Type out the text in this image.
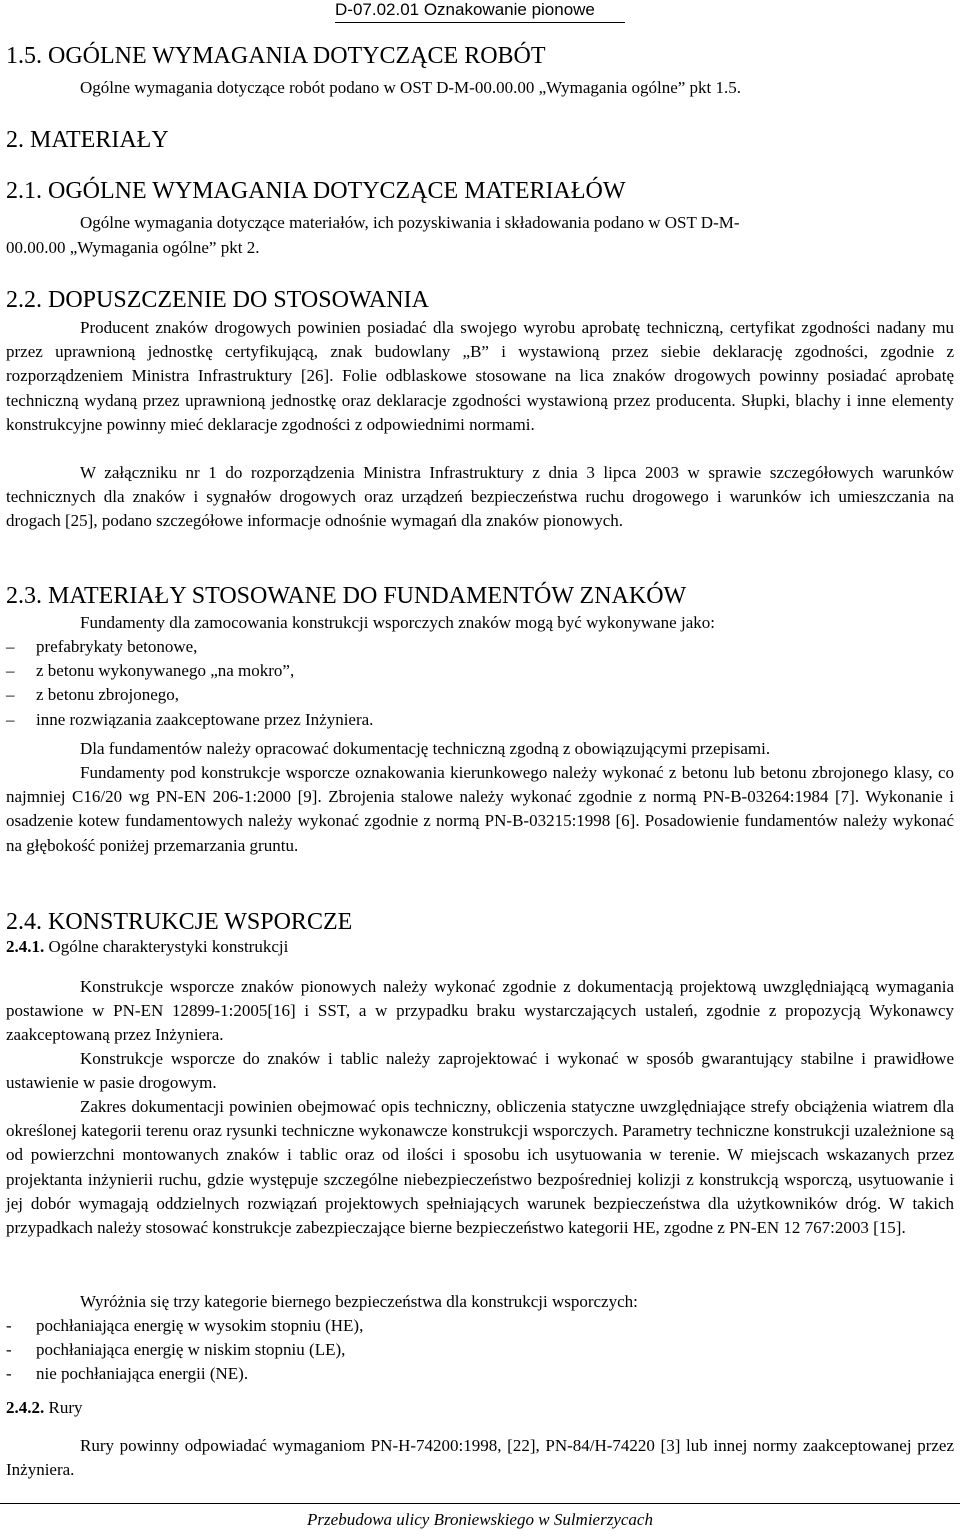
D-07.02.01 Oznakowanie pionowe
1.5. OGÓLNE WYMAGANIA DOTYCZĄCE ROBÓT
Ogólne wymagania dotyczące robót podano w OST D-M-00.00.00 „Wymagania ogólne” pkt 1.5.
2. MATERIAŁY
2.1. OGÓLNE WYMAGANIA DOTYCZĄCE MATERIAŁÓW
Ogólne wymagania dotyczące materiałów, ich pozyskiwania i składowania podano w OST D-M-
00.00.00 „Wymagania ogólne” pkt 2.
2.2. DOPUSZCZENIE DO STOSOWANIA
Producent znaków drogowych powinien posiadać dla swojego wyrobu aprobatę techniczną, certyfikat zgodności nadany mu przez uprawnioną jednostkę certyfikującą, znak budowlany „B” i wystawioną przez siebie deklarację zgodności, zgodnie z rozporządzeniem Ministra Infrastruktury [26]. Folie odblaskowe stosowane na lica znaków drogowych powinny posiadać aprobatę techniczną wydaną przez uprawnioną jednostkę oraz deklaracje zgodności wystawioną przez producenta. Słupki, blachy i inne elementy konstrukcyjne powinny mieć deklaracje zgodności z odpowiednimi normami.
W załączniku nr 1 do rozporządzenia Ministra Infrastruktury z dnia 3 lipca 2003 w sprawie szczegółowych warunków technicznych dla znaków i sygnałów drogowych oraz urządzeń bezpieczeństwa ruchu drogowego i warunków ich umieszczania na drogach [25], podano szczegółowe informacje odnośnie wymagań dla znaków pionowych.
2.3. MATERIAŁY STOSOWANE DO FUNDAMENTÓW ZNAKÓW
Fundamenty dla zamocowania konstrukcji wsporczych znaków mogą być wykonywane jako:
– prefabrykaty betonowe,
– z betonu wykonywanego „na mokro”,
– z betonu zbrojonego,
– inne rozwiązania zaakceptowane przez Inżyniera.
Dla fundamentów należy opracować dokumentację techniczną zgodną z obowiązującymi przepisami.
Fundamenty pod konstrukcje wsporcze oznakowania kierunkowego należy wykonać z betonu lub betonu zbrojonego klasy, co najmniej C16/20 wg PN-EN 206-1:2000 [9]. Zbrojenia stalowe należy wykonać zgodnie z normą PN-B-03264:1984 [7]. Wykonanie i osadzenie kotew fundamentowych należy wykonać zgodnie z normą PN-B-03215:1998 [6]. Posadowienie fundamentów należy wykonać na głębokość poniżej przemarzania gruntu.
2.4. KONSTRUKCJE WSPORCZE
2.4.1. Ogólne charakterystyki konstrukcji
Konstrukcje wsporcze znaków pionowych należy wykonać zgodnie z dokumentacją projektową uwzględniającą wymagania postawione w PN-EN 12899-1:2005[16] i SST, a w przypadku braku wystarczających ustaleń, zgodnie z propozycją Wykonawcy zaakceptowaną przez Inżyniera.
Konstrukcje wsporcze do znaków i tablic należy zaprojektować i wykonać w sposób gwarantujący stabilne i prawidłowe ustawienie w pasie drogowym.
Zakres dokumentacji powinien obejmować opis techniczny, obliczenia statyczne uwzględniające strefy obciążenia wiatrem dla określonej kategorii terenu oraz rysunki techniczne wykonawcze konstrukcji wsporczych. Parametry techniczne konstrukcji uzależnione są od powierzchni montowanych znaków i tablic oraz od ilości i sposobu ich usytuowania w terenie. W miejscach wskazanych przez projektanta inżynierii ruchu, gdzie występuje szczególne niebezpieczeństwo bezpośredniej kolizji z konstrukcją wsporczą, usytuowanie i jej dobór wymagają oddzielnych rozwiązań projektowych spełniających warunek bezpieczeństwa dla użytkowników dróg. W takich przypadkach należy stosować konstrukcje zabezpieczające bierne bezpieczeństwo kategorii HE, zgodne z PN-EN 12 767:2003 [15].
Wyróżnia się trzy kategorie biernego bezpieczeństwa dla konstrukcji wsporczych:
- pochłaniająca energię w wysokim stopniu (HE),
- pochłaniająca energię w niskim stopniu (LE),
- nie pochłaniająca energii (NE).
2.4.2. Rury
Rury powinny odpowiadać wymaganiom PN-H-74200:1998, [22], PN-84/H-74220 [3] lub innej normy zaakceptowanej przez Inżyniera.
Przebudowa ulicy Broniewskiego w Sulmierzycach
